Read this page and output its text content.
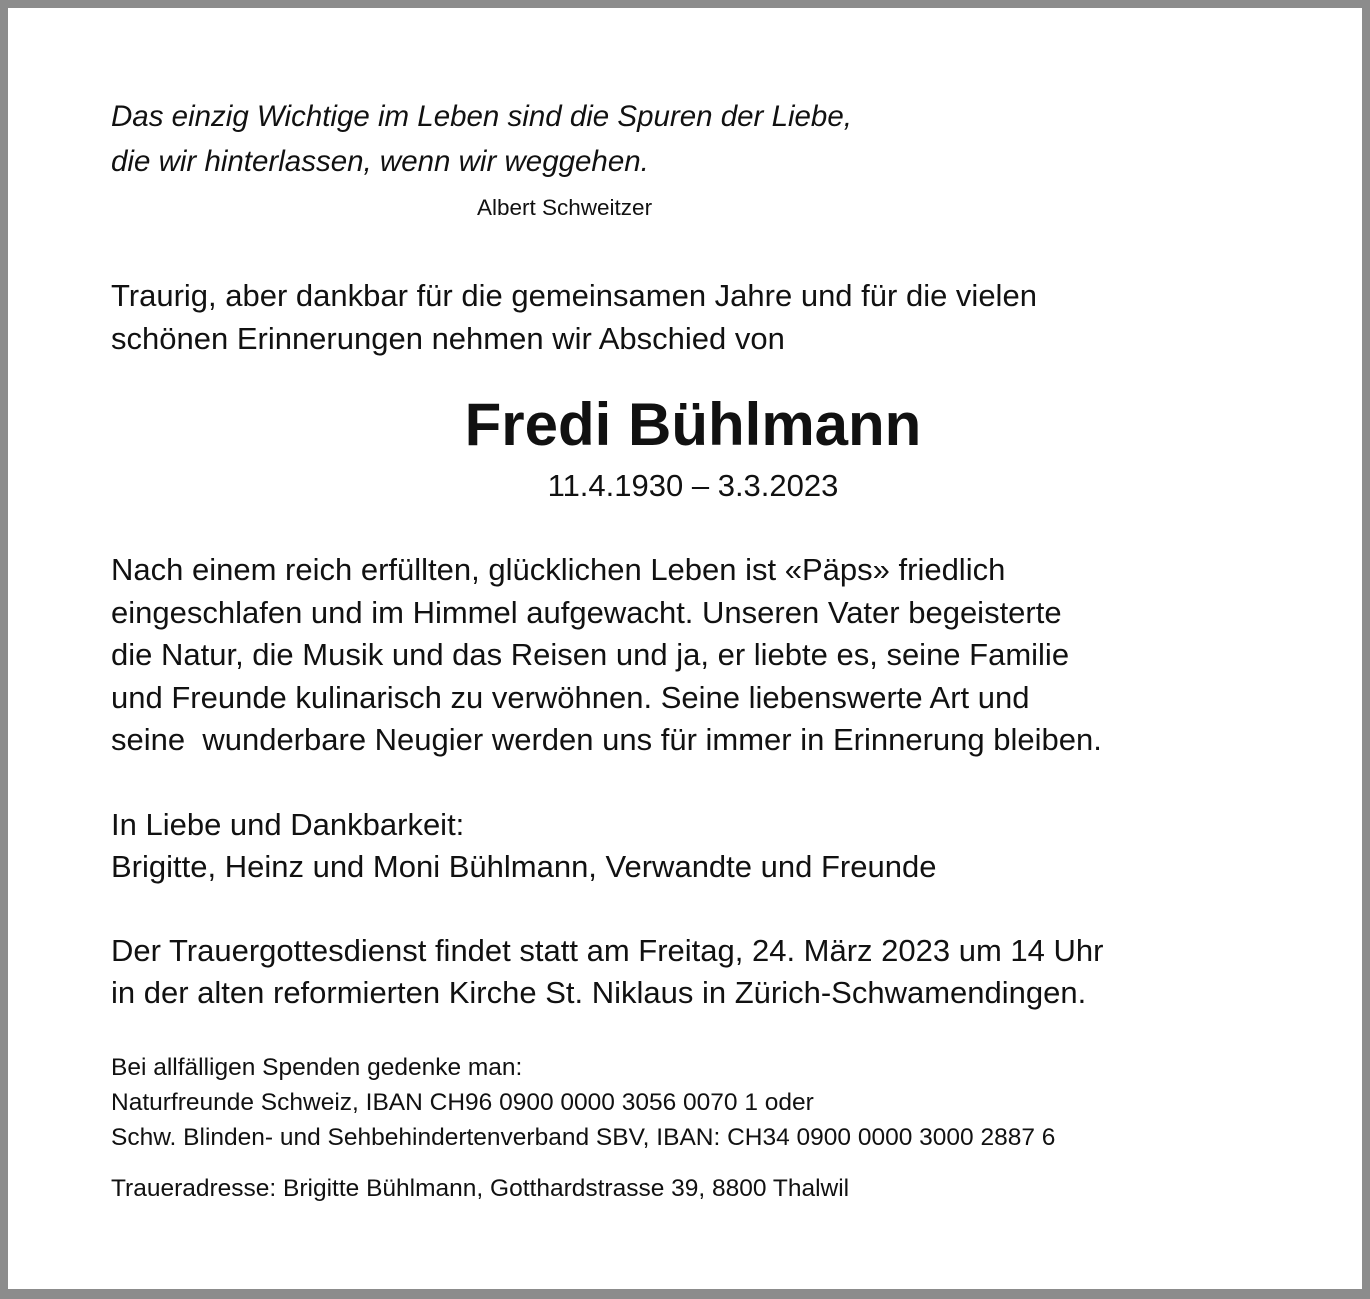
Das einzig Wichtige im Leben sind die Spuren der Liebe,
die wir hinterlassen, wenn wir weggehen.

Albert Schweitzer
Traurig, aber dankbar für die gemeinsamen Jahre und für die vielen
schönen Erinnerungen nehmen wir Abschied von
Fredi Bühlmann
11.4.1930 – 3.3.2023
Nach einem reich erfüllten, glücklichen Leben ist «Päps» friedlich
eingeschlafen und im Himmel aufgewacht. Unseren Vater begeisterte
die Natur, die Musik und das Reisen und ja, er liebte es, seine Familie
und Freunde kulinarisch zu verwöhnen. Seine liebenswerte Art und
seine  wunderbare Neugier werden uns für immer in Erinnerung bleiben.
In Liebe und Dankbarkeit:
Brigitte, Heinz und Moni Bühlmann, Verwandte und Freunde
Der Trauergottesdienst findet statt am Freitag, 24. März 2023 um 14 Uhr
in der alten reformierten Kirche St. Niklaus in Zürich-Schwamendingen.
Bei allfälligen Spenden gedenke man:
Naturfreunde Schweiz, IBAN CH96 0900 0000 3056 0070 1 oder
Schw. Blinden- und Sehbehindertenverband SBV, IBAN: CH34 0900 0000 3000 2887 6
Traueradresse: Brigitte Bühlmann, Gotthardstrasse 39, 8800 Thalwil
